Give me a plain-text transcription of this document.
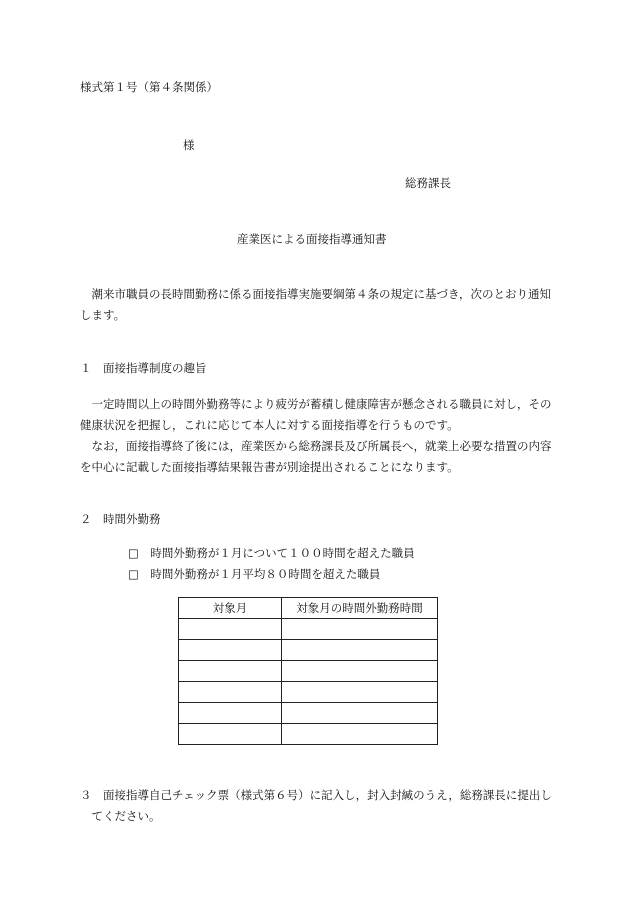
様式第１号（第４条関係）
様
総務課長
産業医による面接指導通知書
潮来市職員の長時間勤務に係る面接指導実施要綱第４条の規定に基づき，次のとおり通知します。
１　面接指導制度の趣旨
一定時間以上の時間外勤務等により疲労が蓄積し健康障害が懸念される職員に対し，その健康状況を把握し，これに応じて本人に対する面接指導を行うものです。
なお，面接指導終了後には，産業医から総務課長及び所属長へ，就業上必要な措置の内容を中心に記載した面接指導結果報告書が別途提出されることになります。
２　時間外勤務
□　時間外勤務が１月について１００時間を超えた職員
□　時間外勤務が１月平均８０時間を超えた職員
対象月	対象月の時間外勤務時間

３　面接指導自己チェック票（様式第６号）に記入し，封入封緘のうえ，総務課長に提出してください。
